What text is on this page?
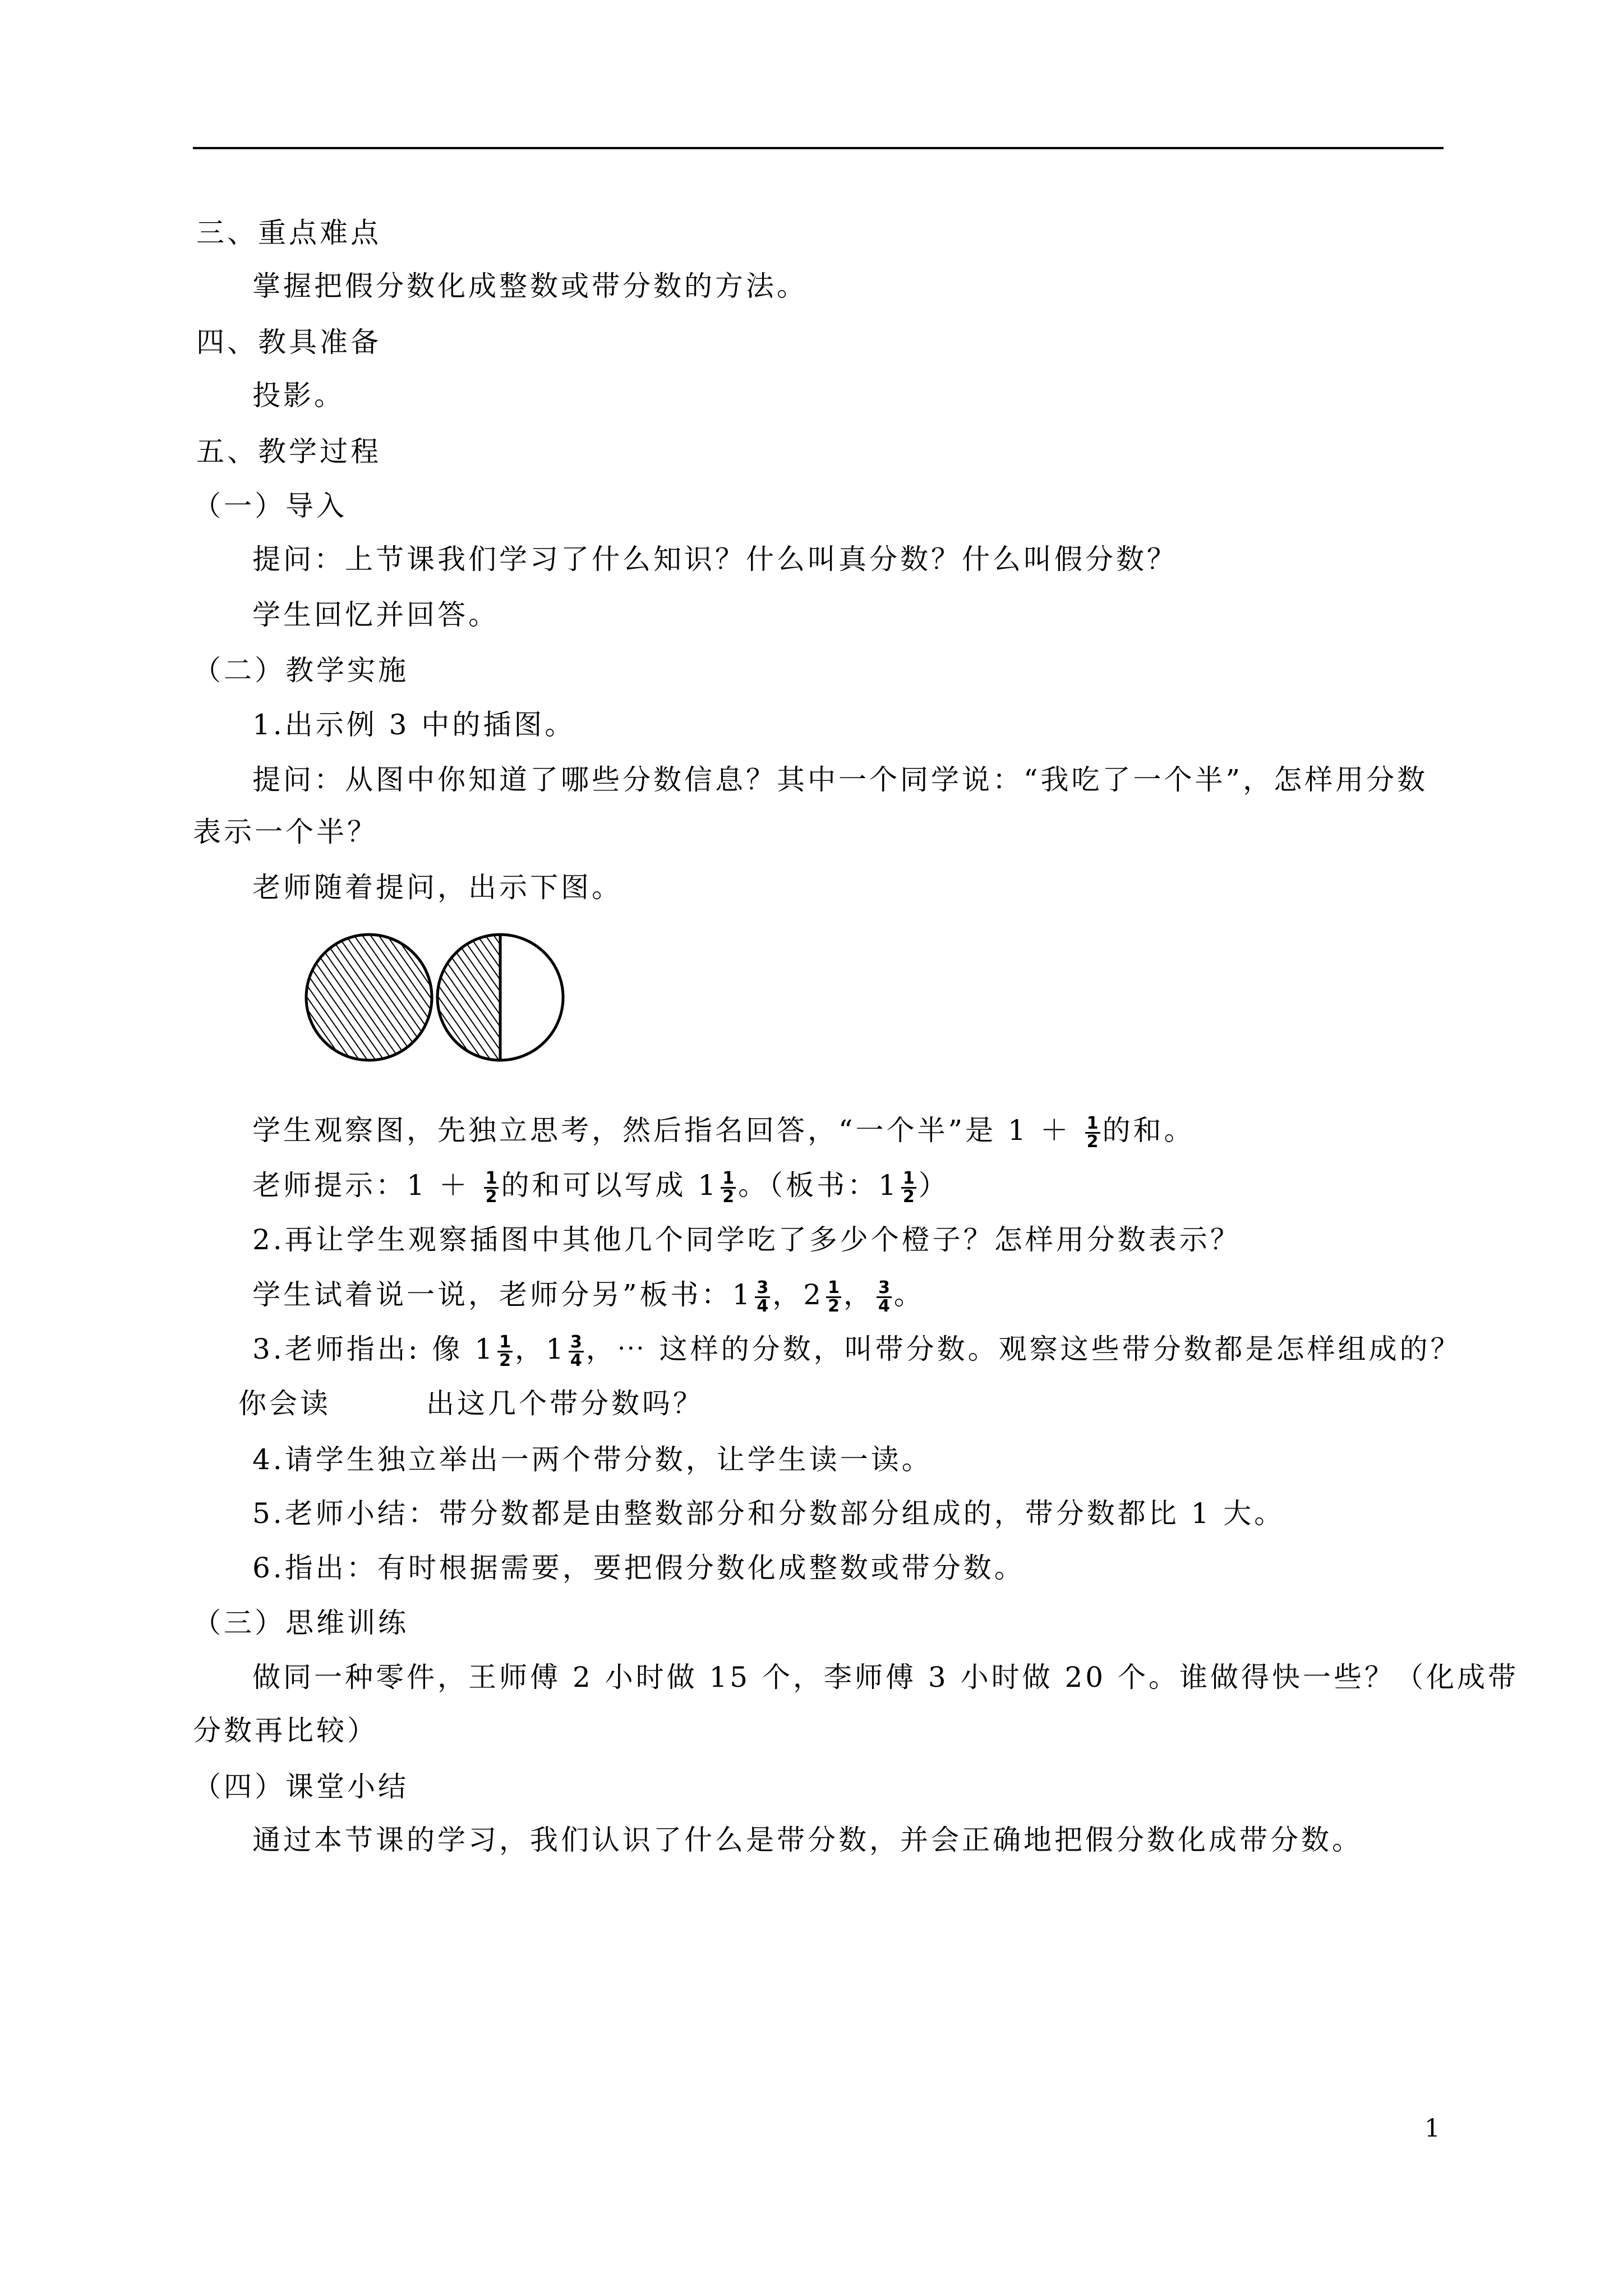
三、重点难点
掌握把假分数化成整数或带分数的方法。
四、教具准备
投影。
五、教学过程
（一）导入
提问：上节课我们学习了什么知识？什么叫真分数？什么叫假分数？
学生回忆并回答。
（二）教学实施
1.出示例 3 中的插图。
提问：从图中你知道了哪些分数信息？其中一个同学说：“我吃了一个半”，怎样用分数
表示一个半？
老师随着提问，出示下图。
学生观察图，先独立思考，然后指名回答，“一个半”是 $1 + \frac{1}{2}$ 的和。
老师提示：$1 + \frac{1}{2}$ 的和可以写成 $1 \frac{1}{2}$ 。（板书：$1 \frac{1}{2}$ ）
2.再让学生观察插图中其他几个同学吃了多少个橙子？怎样用分数表示？
学生试着说一说，老师分另”板书：$1 \frac{3}{4}$ ，$2 \frac{1}{2}$ ， $\frac{3}{4}$ 。
3.老师指出: 像 $1 \frac{1}{2}$ ，$1 \frac{3}{4}$ ，⋯ 这样的分数，叫带分数。观察这些带分数都是怎样组成的？
你会读	出这几个带分数吗？
4.请学生独立举出一两个带分数，让学生读一读。
5.老师小结：带分数都是由整数部分和分数部分组成的，带分数都比 1 大。
6.指出：有时根据需要，要把假分数化成整数或带分数。
（三）思维训练
做同一种零件，王师傅 2 小时做 15 个，李师傅 3 小时做 20 个。谁做得快一些？（化成带
分数再比较）
（四）课堂小结
通过本节课的学习，我们认识了什么是带分数，并会正确地把假分数化成带分数。
1
